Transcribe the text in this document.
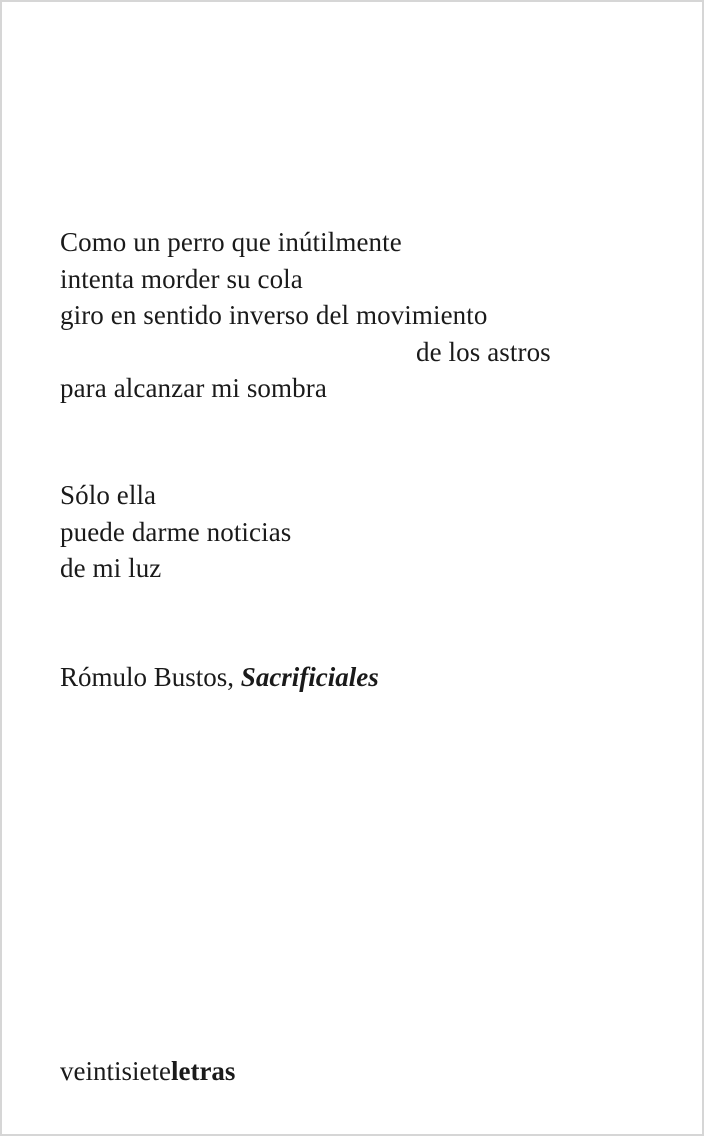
Como un perro que inútilmente
intenta morder su cola
giro en sentido inverso del movimiento
de los astros
para alcanzar mi sombra
Sólo ella
puede darme noticias
de mi luz
Rómulo Bustos, Sacrificiales
veintisieteletras
